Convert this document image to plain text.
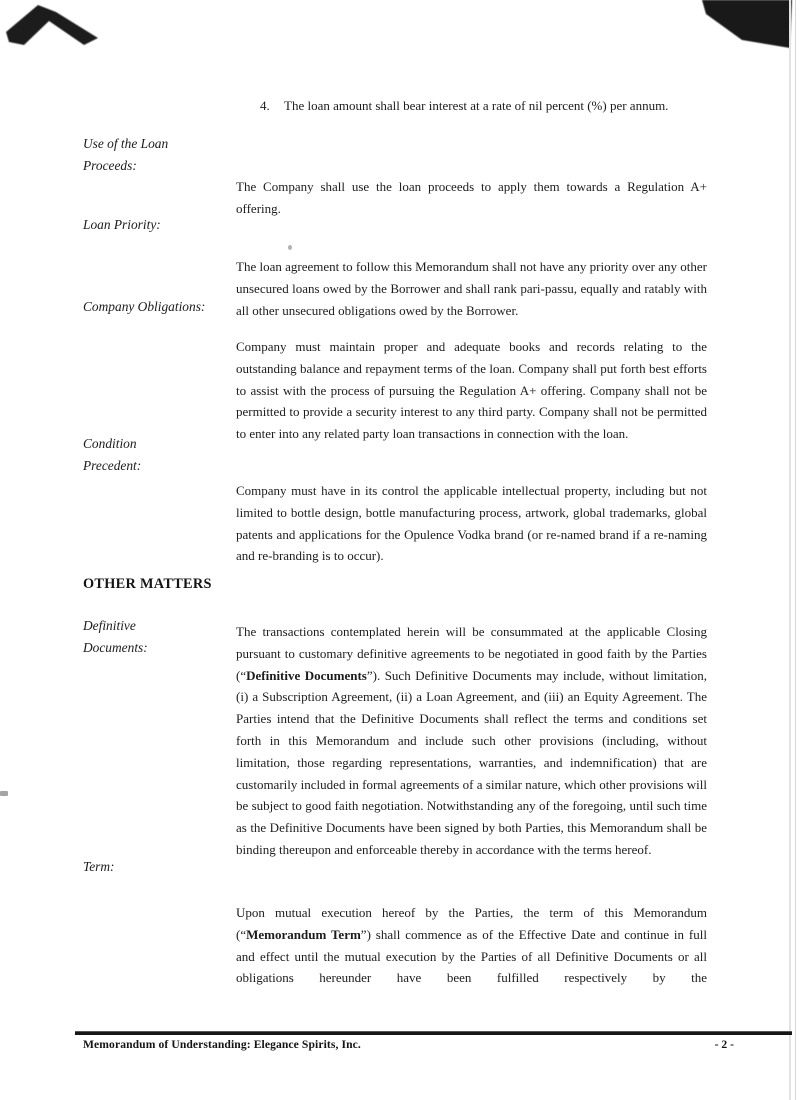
4.	The loan amount shall bear interest at a rate of nil percent (%) per annum.
Use of the Loan
Proceeds:
Loan Priority:
Company Obligations:
Condition
Precedent:
Definitive
Documents:
Term:
The Company shall use the loan proceeds to apply them towards a Regulation A+ offering.
The loan agreement to follow this Memorandum shall not have any priority over any other unsecured loans owed by the Borrower and shall rank pari-passu, equally and ratably with all other unsecured obligations owed by the Borrower.
Company must maintain proper and adequate books and records relating to the outstanding balance and repayment terms of the loan. Company shall put forth best efforts to assist with the process of pursuing the Regulation A+ offering. Company shall not be permitted to provide a security interest to any third party. Company shall not be permitted to enter into any related party loan transactions in connection with the loan.
Company must have in its control the applicable intellectual property, including but not limited to bottle design, bottle manufacturing process, artwork, global trademarks, global patents and applications for the Opulence Vodka brand (or re-named brand if a re-naming and re-branding is to occur).
OTHER MATTERS
The transactions contemplated herein will be consummated at the applicable Closing pursuant to customary definitive agreements to be negotiated in good faith by the Parties (“Definitive Documents”). Such Definitive Documents may include, without limitation, (i) a Subscription Agreement, (ii) a Loan Agreement, and (iii) an Equity Agreement. The Parties intend that the Definitive Documents shall reflect the terms and conditions set forth in this Memorandum and include such other provisions (including, without limitation, those regarding representations, warranties, and indemnification) that are customarily included in formal agreements of a similar nature, which other provisions will be subject to good faith negotiation. Notwithstanding any of the foregoing, until such time as the Definitive Documents have been signed by both Parties, this Memorandum shall be binding thereupon and enforceable thereby in accordance with the terms hereof.
Upon mutual execution hereof by the Parties, the term of this Memorandum (“Memorandum Term”) shall commence as of the Effective Date and continue in full and effect until the mutual execution by the Parties of all Definitive Documents or all obligations hereunder have been fulfilled respectively by the
Memorandum of Understanding: Elegance Spirits, Inc.	- 2 -
